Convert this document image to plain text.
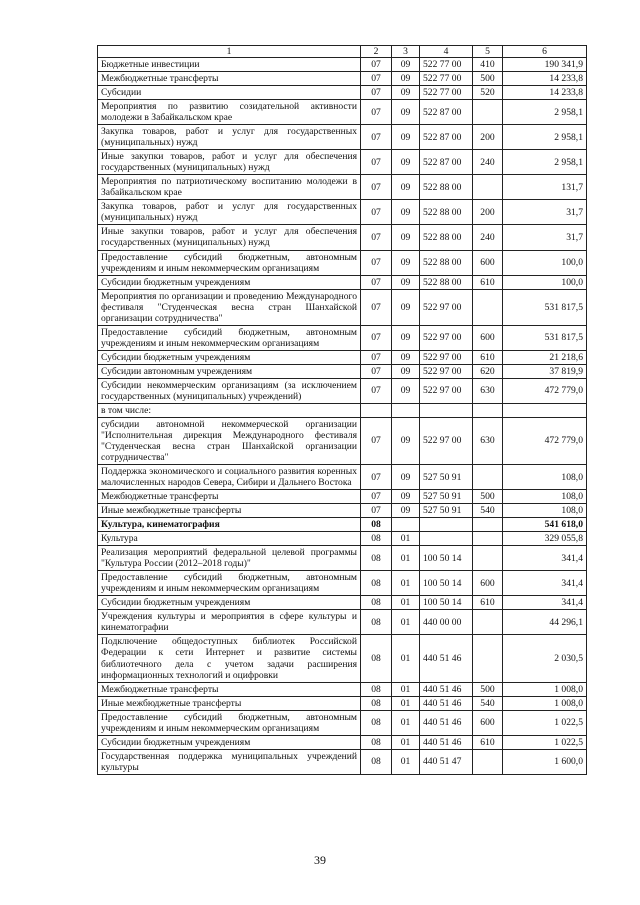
1	2	3	4	5	6
Бюджетные инвестиции	07	09	522 77 00	410	190 341,9
Межбюджетные трансферты	07	09	522 77 00	500	14 233,8
Субсидии	07	09	522 77 00	520	14 233,8
Мероприятия по развитию созидательной активности молодежи в Забайкальском крае	07	09	522 87 00		2 958,1
Закупка товаров, работ и услуг для государственных (муниципальных) нужд	07	09	522 87 00	200	2 958,1
Иные закупки товаров, работ и услуг для обеспечения государственных (муниципальных) нужд	07	09	522 87 00	240	2 958,1
Мероприятия по патриотическому воспитанию молодежи в Забайкальском крае	07	09	522 88 00		131,7
Закупка товаров, работ и услуг для государственных (муниципальных) нужд	07	09	522 88 00	200	31,7
Иные закупки товаров, работ и услуг для обеспечения государственных (муниципальных) нужд	07	09	522 88 00	240	31,7
Предоставление субсидий бюджетным, автономным учреждениям и иным некоммерческим организациям	07	09	522 88 00	600	100,0
Субсидии бюджетным учреждениям	07	09	522 88 00	610	100,0
Мероприятия по организации и проведению Международного фестиваля "Студенческая весна стран Шанхайской организации сотрудничества"	07	09	522 97 00		531 817,5
Предоставление субсидий бюджетным, автономным учреждениям и иным некоммерческим организациям	07	09	522 97 00	600	531 817,5
Субсидии бюджетным учреждениям	07	09	522 97 00	610	21 218,6
Субсидии автономным учреждениям	07	09	522 97 00	620	37 819,9
Субсидии некоммерческим организациям (за исключением государственных (муниципальных) учреждений)	07	09	522 97 00	630	472 779,0
в том числе:					
субсидии автономной некоммерческой организации "Исполнительная дирекция Международного фестиваля "Студенческая весна стран Шанхайской организации сотрудничества"	07	09	522 97 00	630	472 779,0
Поддержка экономического и социального развития коренных малочисленных народов Севера, Сибири и Дальнего Востока	07	09	527 50 91		108,0
Межбюджетные трансферты	07	09	527 50 91	500	108,0
Иные межбюджетные трансферты	07	09	527 50 91	540	108,0
Культура, кинематография	08				541 618,0
Культура	08	01			329 055,8
Реализация мероприятий федеральной целевой программы "Культура России (2012–2018 годы)"	08	01	100 50 14		341,4
Предоставление субсидий бюджетным, автономным учреждениям и иным некоммерческим организациям	08	01	100 50 14	600	341,4
Субсидии бюджетным учреждениям	08	01	100 50 14	610	341,4
Учреждения культуры и мероприятия в сфере культуры и кинематографии	08	01	440 00 00		44 296,1
Подключение общедоступных библиотек Российской Федерации к сети Интернет и развитие системы библиотечного дела с учетом задачи расширения информационных технологий и оцифровки	08	01	440 51 46		2 030,5
Межбюджетные трансферты	08	01	440 51 46	500	1 008,0
Иные межбюджетные трансферты	08	01	440 51 46	540	1 008,0
Предоставление субсидий бюджетным, автономным учреждениям и иным некоммерческим организациям	08	01	440 51 46	600	1 022,5
Субсидии бюджетным учреждениям	08	01	440 51 46	610	1 022,5
Государственная поддержка муниципальных учреждений культуры	08	01	440 51 47		1 600,0
39
